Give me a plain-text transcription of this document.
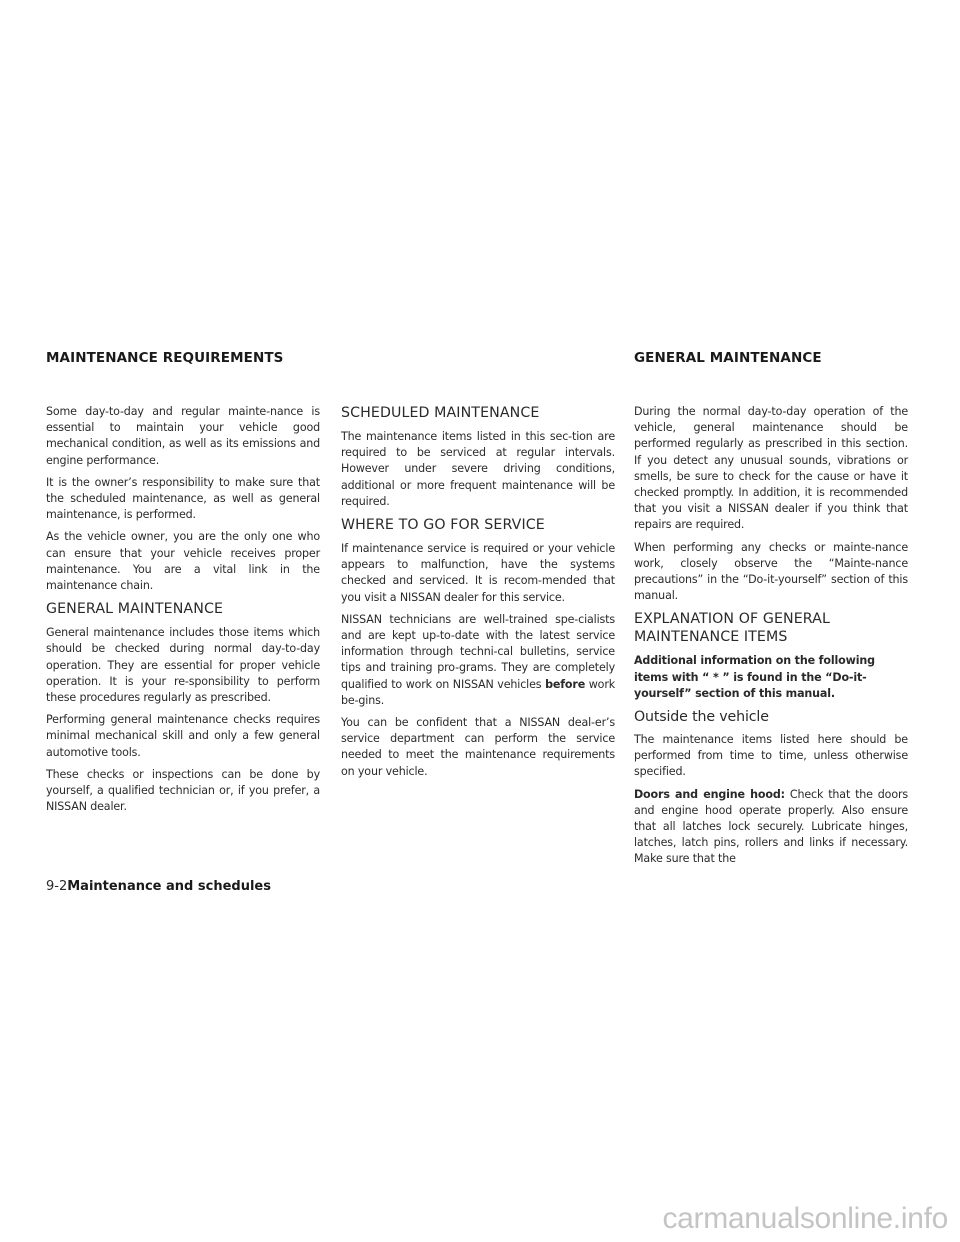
MAINTENANCE REQUIREMENTS	GENERAL MAINTENANCE

Some day-to-day and regular mainte-nance is essential to maintain your vehicle good mechanical condition, as well as its emissions and engine performance.

It is the owner’s responsibility to make sure that the scheduled maintenance, as well as general maintenance, is performed.

As the vehicle owner, you are the only one who can ensure that your vehicle receives proper maintenance. You are a vital link in the maintenance chain.

GENERAL MAINTENANCE

General maintenance includes those items which should be checked during normal day-to-day operation. They are essential for proper vehicle operation. It is your re-sponsibility to perform these procedures regularly as prescribed.

Performing general maintenance checks requires minimal mechanical skill and only a few general automotive tools.

These checks or inspections can be done by yourself, a qualified technician or, if you prefer, a NISSAN dealer.

SCHEDULED MAINTENANCE

The maintenance items listed in this sec-tion are required to be serviced at regular intervals. However under severe driving conditions, additional or more frequent maintenance will be required.

WHERE TO GO FOR SERVICE

If maintenance service is required or your vehicle appears to malfunction, have the systems checked and serviced. It is recom-mended that you visit a NISSAN dealer for this service.

NISSAN technicians are well-trained spe-cialists and are kept up-to-date with the latest service information through techni-cal bulletins, service tips and training pro-grams. They are completely qualified to work on NISSAN vehicles before work be-gins.

You can be confident that a NISSAN deal-er’s service department can perform the service needed to meet the maintenance requirements on your vehicle.

During the normal day-to-day operation of the vehicle, general maintenance should be performed regularly as prescribed in this section. If you detect any unusual sounds, vibrations or smells, be sure to check for the cause or have it checked promptly. In addition, it is recommended that you visit a NISSAN dealer if you think that repairs are required.

When performing any checks or mainte-nance work, closely observe the “Mainte-nance precautions” in the “Do-it-yourself” section of this manual.

EXPLANATION OF GENERAL
MAINTENANCE ITEMS

Additional information on the following items with “ * ” is found in the “Do-it-yourself” section of this manual.

Outside the vehicle

The maintenance items listed here should be performed from time to time, unless otherwise specified.

Doors and engine hood: Check that the doors and engine hood operate properly. Also ensure that all latches lock securely. Lubricate hinges, latches, latch pins, rollers and links if necessary. Make sure that the

9-2Maintenance and schedules
carmanualsonline.info
